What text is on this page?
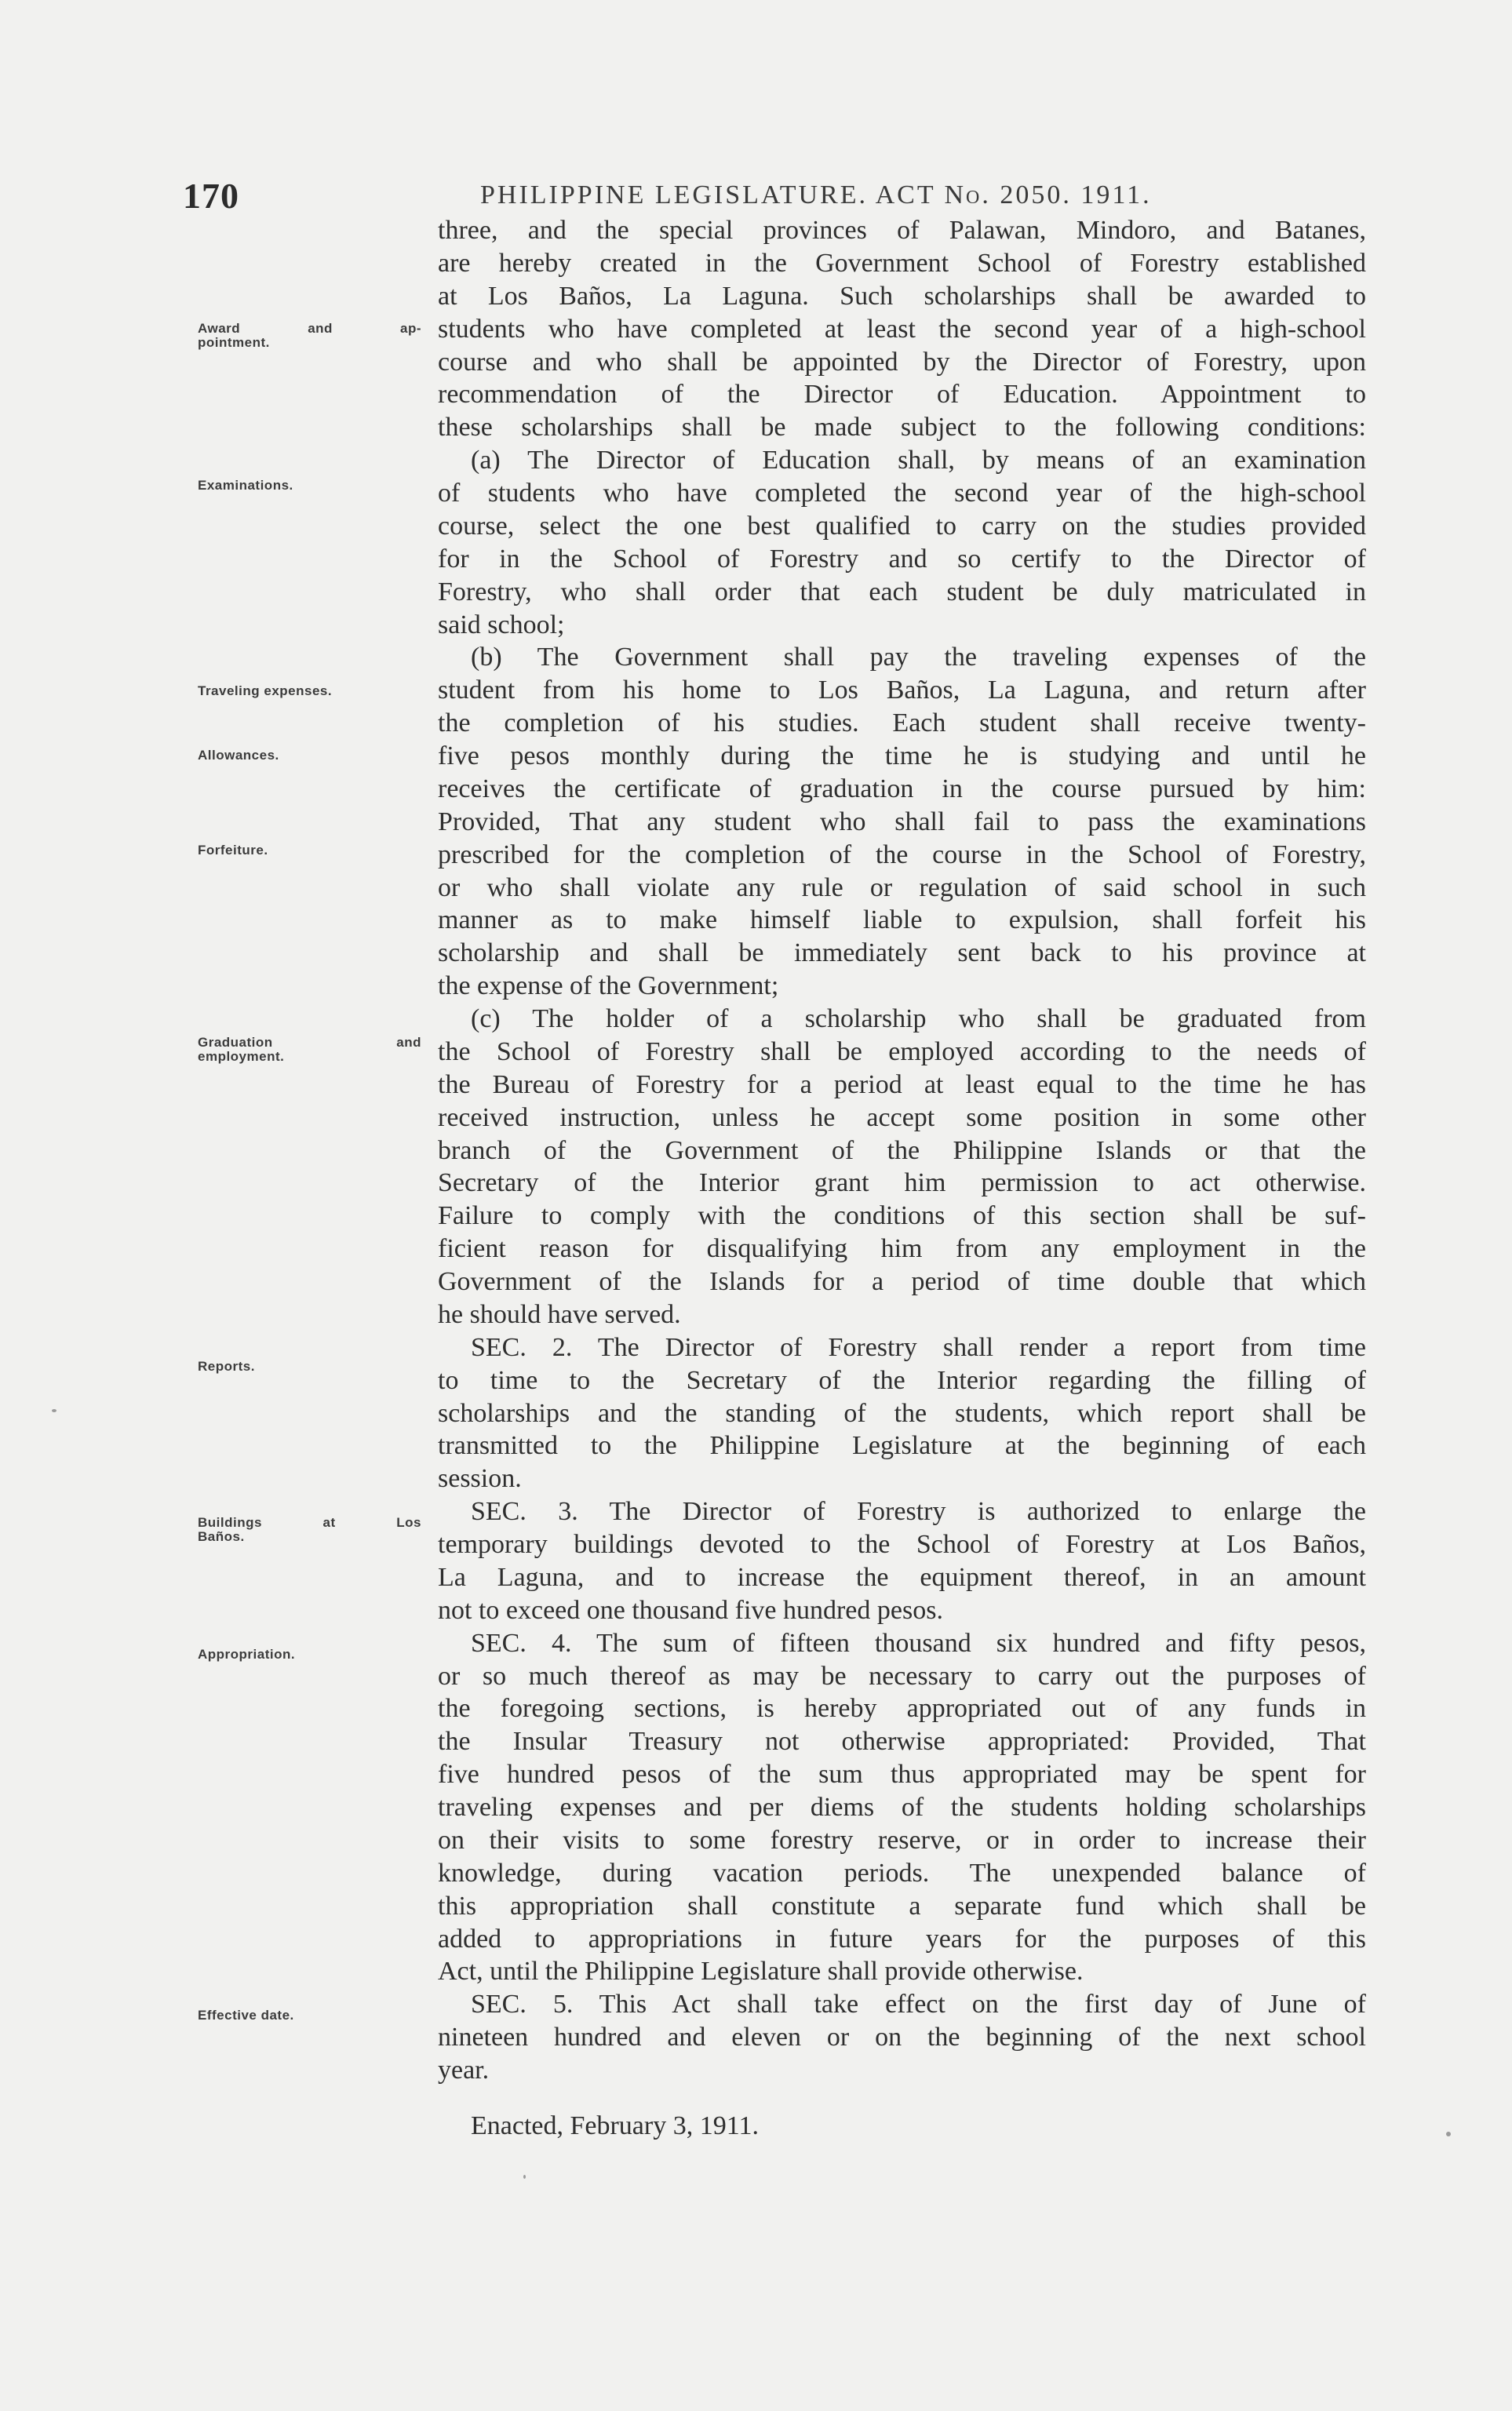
170	PHILIPPINE LEGISLATURE. ACT No. 2050. 1911.
Award and ap-
pointment.
Examinations.
Traveling expenses.
Allowances.
Forfeiture.
Graduation and
employment.
Reports.
Buildings at Los
Baños.
Appropriation.
Effective date.
three, and the special provinces of Palawan, Mindoro, and Batanes,
are hereby created in the Government School of Forestry established
at Los Baños, La Laguna. Such scholarships shall be awarded to
students who have completed at least the second year of a high-school
course and who shall be appointed by the Director of Forestry, upon
recommendation of the Director of Education. Appointment to
these scholarships shall be made subject to the following conditions:
(a) The Director of Education shall, by means of an examination
of students who have completed the second year of the high-school
course, select the one best qualified to carry on the studies provided
for in the School of Forestry and so certify to the Director of
Forestry, who shall order that each student be duly matriculated in
said school;
(b) The Government shall pay the traveling expenses of the
student from his home to Los Baños, La Laguna, and return after
the completion of his studies. Each student shall receive twenty-
five pesos monthly during the time he is studying and until he
receives the certificate of graduation in the course pursued by him:
Provided, That any student who shall fail to pass the examinations
prescribed for the completion of the course in the School of Forestry,
or who shall violate any rule or regulation of said school in such
manner as to make himself liable to expulsion, shall forfeit his
scholarship and shall be immediately sent back to his province at
the expense of the Government;
(c) The holder of a scholarship who shall be graduated from
the School of Forestry shall be employed according to the needs of
the Bureau of Forestry for a period at least equal to the time he has
received instruction, unless he accept some position in some other
branch of the Government of the Philippine Islands or that the
Secretary of the Interior grant him permission to act otherwise.
Failure to comply with the conditions of this section shall be suf-
ficient reason for disqualifying him from any employment in the
Government of the Islands for a period of time double that which
he should have served.
SEC. 2. The Director of Forestry shall render a report from time
to time to the Secretary of the Interior regarding the filling of
scholarships and the standing of the students, which report shall be
transmitted to the Philippine Legislature at the beginning of each
session.
SEC. 3. The Director of Forestry is authorized to enlarge the
temporary buildings devoted to the School of Forestry at Los Baños,
La Laguna, and to increase the equipment thereof, in an amount
not to exceed one thousand five hundred pesos.
SEC. 4. The sum of fifteen thousand six hundred and fifty pesos,
or so much thereof as may be necessary to carry out the purposes of
the foregoing sections, is hereby appropriated out of any funds in
the Insular Treasury not otherwise appropriated: Provided, That
five hundred pesos of the sum thus appropriated may be spent for
traveling expenses and per diems of the students holding scholarships
on their visits to some forestry reserve, or in order to increase their
knowledge, during vacation periods. The unexpended balance of
this appropriation shall constitute a separate fund which shall be
added to appropriations in future years for the purposes of this
Act, until the Philippine Legislature shall provide otherwise.
SEC. 5. This Act shall take effect on the first day of June of
nineteen hundred and eleven or on the beginning of the next school
year.
Enacted, February 3, 1911.
